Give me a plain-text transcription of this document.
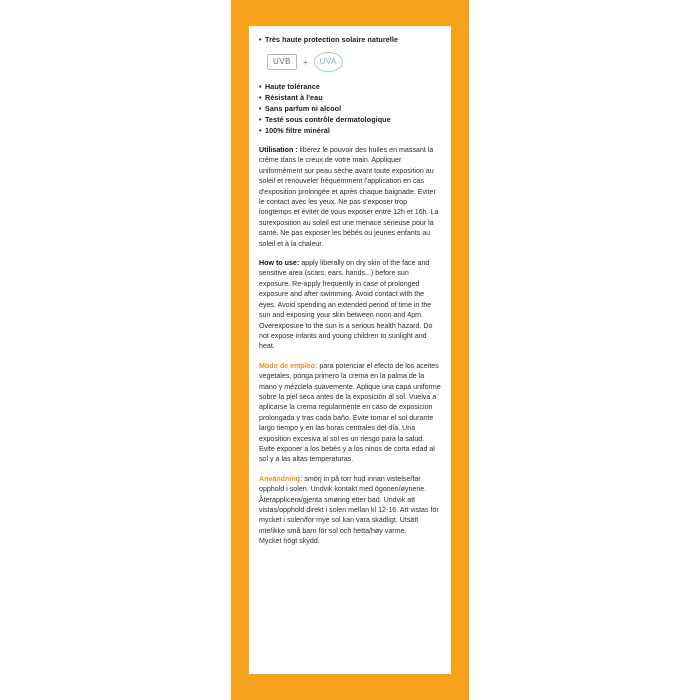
• Très haute protection solaire naturelle
UVB	+	UVA
• Haute tolérance
• Résistant à l'eau
• Sans parfum ni alcool
• Testé sous contrôle dermatologique
• 100% filtre minéral

Utilisation : libérez le pouvoir des huiles en massant la crème dans le creux de votre main. Appliquer uniformément sur peau sèche avant toute exposition au soleil et renouveler fréquemment l'application en cas d'exposition prolongée et après chaque baignade. Eviter le contact avec les yeux. Ne pas s'exposer trop longtemps et éviter de vous exposer entre 12h et 16h. La surexposition au soleil est une menace sérieuse pour la santé. Ne pas exposer les bébés ou jeunes enfants au soleil et à la chaleur.

How to use: apply liberally on dry skin of the face and sensitive area (scars, ears, hands...) before sun exposure. Re-apply frequently in case of prolonged exposure and after swimming. Avoid contact with the eyes. Avoid spending an extended period of time in the sun and exposing your skin between noon and 4pm. Overexposure to the sun is a serious health hazard. Do not expose infants and young children to sunlight and heat.

Modo de empleo: para potenciar el efecto de los aceites vegetales, ponga primero la crema en la palma de la mano y mézclela suavemente. Aplique una capa uniforme sobre la piel seca antes de la exposición al sol. Vuelva a aplicarse la crema regularmente en caso de exposicion prolongada y tras cada baño. Evite tomar el sol durante largo tiempo y en las horas centrales del día. Una exposition excesiva al sol es un riesgo para la salud. Evite exponer a los bebés y a los ninos de corta edad al sol y a las altas temperaturas.

Användning: smörj in på torr hud innan vistelse/far opphold i solen. Undvik kontakt med ögonen/øynene. Återapplicera/gjenta smøring etter bad. Undvik att vistas/opphold direkt i solen mellan kl 12-16. Att vistas för mycket i solen/for mye sol kan vara skadligt. Utsätt inte/ikke små barn för sol och hetta/høy varme.

Mycket högt skydd.
